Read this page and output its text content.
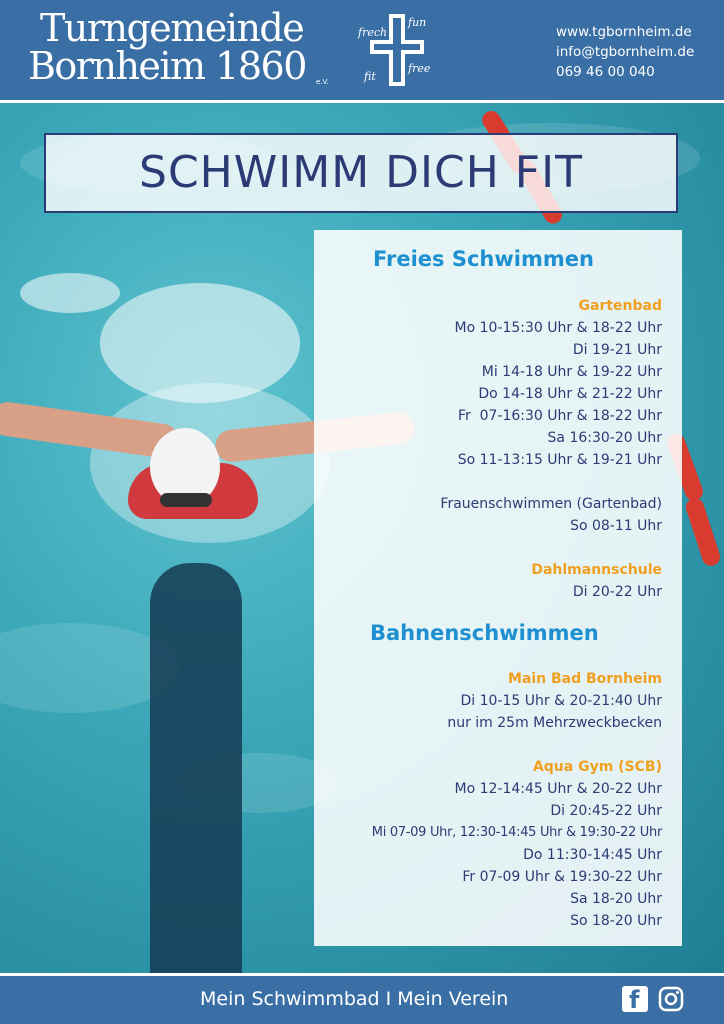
Turngemeinde
Bornheim 1860 e.V.
frech
fun
fit
free
www.tgbornheim.de
info@tgbornheim.de
069 46 00 040
SCHWIMM DICH FIT
Freies Schwimmen
Gartenbad
Mo 10-15:30 Uhr & 18-22 Uhr
Di 19-21 Uhr
Mi 14-18 Uhr & 19-22 Uhr
Do 14-18 Uhr & 21-22 Uhr
Fr  07-16:30 Uhr & 18-22 Uhr
Sa 16:30-20 Uhr
So 11-13:15 Uhr & 19-21 Uhr
Frauenschwimmen (Gartenbad)
So 08-11 Uhr
Dahlmannschule
Di 20-22 Uhr
Bahnenschwimmen
Main Bad Bornheim
Di 10-15 Uhr & 20-21:40 Uhr
nur im 25m Mehrzweckbecken
Aqua Gym (SCB)
Mo 12-14:45 Uhr & 20-22 Uhr
Di 20:45-22 Uhr
Mi 07-09 Uhr, 12:30-14:45 Uhr & 19:30-22 Uhr
Do 11:30-14:45 Uhr
Fr 07-09 Uhr & 19:30-22 Uhr
Sa 18-20 Uhr
So 18-20 Uhr
Mein Schwimmbad I Mein Verein	f
